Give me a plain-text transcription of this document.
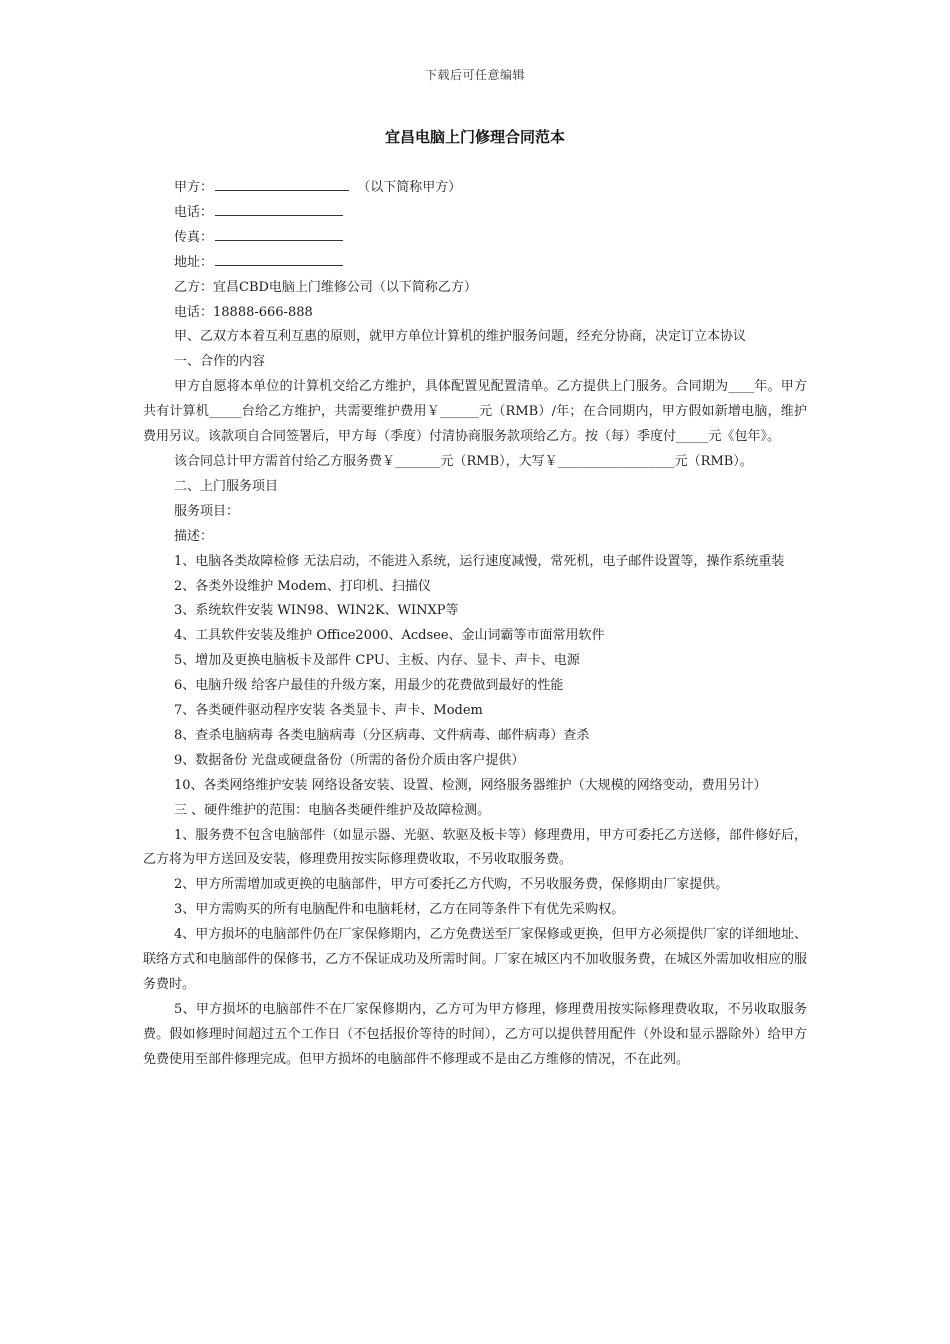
下载后可任意编辑
宜昌电脑上门修理合同范本

甲方：	（以下简称甲方）

电话：

传真：

地址：

乙方：宜昌CBD电脑上门维修公司（以下简称乙方）

电话：18888-666-888

甲、乙双方本着互利互惠的原则，就甲方单位计算机的维护服务问题，经充分协商，决定订立本协议

一、合作的内容

甲方自愿将本单位的计算机交给乙方维护，具体配置见配置清单。乙方提供上门服务。合同期为____年。甲方共有计算机_____台给乙方维护，共需要维护费用￥______元（RMB）/年；在合同期内，甲方假如新增电脑，维护费用另议。该款项自合同签署后，甲方每（季度）付清协商服务款项给乙方。按（每）季度付_____元《包年》。

该合同总计甲方需首付给乙方服务费￥_______元（RMB），大写￥__________________元（RMB）。

二、上门服务项目

服务项目：

描述：

1、电脑各类故障检修 无法启动，不能进入系统，运行速度减慢，常死机，电子邮件设置等，操作系统重装

2、各类外设维护 Modem、打印机、扫描仪

3、系统软件安装 WIN98、WIN2K、WINXP等

4、工具软件安装及维护 Office2000、Acdsee、金山词霸等市面常用软件

5、增加及更换电脑板卡及部件 CPU、主板、内存、显卡、声卡、电源

6、电脑升级 给客户最佳的升级方案，用最少的花费做到最好的性能

7、各类硬件驱动程序安装 各类显卡、声卡、Modem

8、查杀电脑病毒 各类电脑病毒（分区病毒、文件病毒、邮件病毒）查杀

9、数据备份 光盘或硬盘备份（所需的备份介质由客户提供）

10、各类网络维护安装 网络设备安装、设置、检测，网络服务器维护（大规模的网络变动，费用另计）

三 、硬件维护的范围：电脑各类硬件维护及故障检测。

1、服务费不包含电脑部件（如显示器、光驱、软驱及板卡等）修理费用，甲方可委托乙方送修，部件修好后，乙方将为甲方送回及安装，修理费用按实际修理费收取，不另收取服务费。

2、甲方所需增加或更换的电脑部件，甲方可委托乙方代购，不另收服务费，保修期由厂家提供。

3、甲方需购买的所有电脑配件和电脑耗材，乙方在同等条件下有优先采购权。

4、甲方损坏的电脑部件仍在厂家保修期内，乙方免费送至厂家保修或更换，但甲方必须提供厂家的详细地址、联络方式和电脑部件的保修书，乙方不保证成功及所需时间。厂家在城区内不加收服务费，在城区外需加收相应的服务费时。

5、甲方损坏的电脑部件不在厂家保修期内，乙方可为甲方修理，修理费用按实际修理费收取，不另收取服务费。假如修理时间超过五个工作日（不包括报价等待的时间），乙方可以提供替用配件（外设和显示器除外）给甲方免费使用至部件修理完成。但甲方损坏的电脑部件不修理或不是由乙方维修的情况，不在此列。
